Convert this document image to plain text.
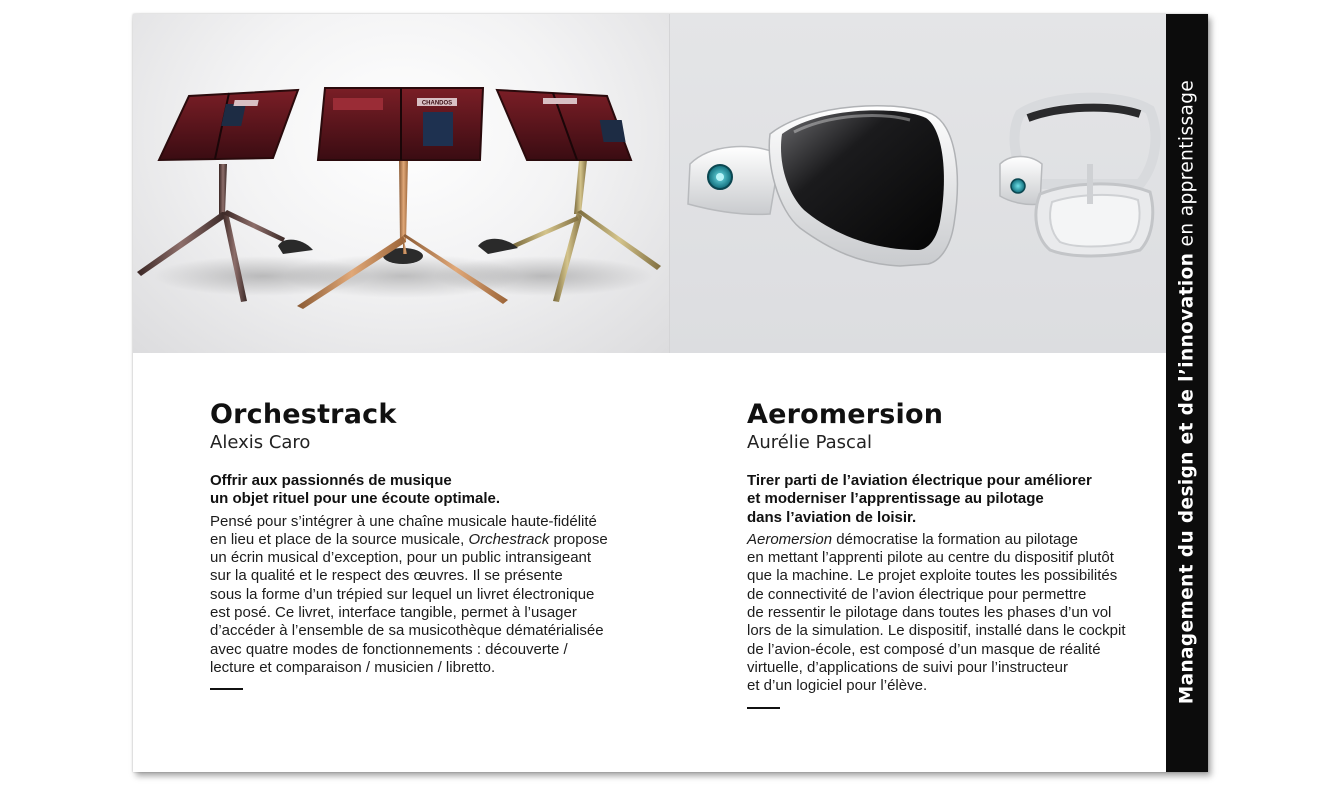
CHANDOS
Management du design et de l’innovation en apprentissage
Orchestrack

Alexis Caro

Offrir aux passionnés de musique
un objet rituel pour une écoute optimale.

Pensé pour s’intégrer à une chaîne musicale haute-fidélité
en lieu et place de la source musicale, Orchestrack propose
un écrin musical d’exception, pour un public intransigeant
sur la qualité et le respect des œuvres. Il se présente
sous la forme d’un trépied sur lequel un livret électronique
est posé. Ce livret, interface tangible, permet à l’usager
d’accéder à l’ensemble de sa musicothèque dématérialisée
avec quatre modes de fonctionnements : découverte /
lecture et comparaison / musicien / libretto.

Aeromersion

Aurélie Pascal

Tirer parti de l’aviation électrique pour améliorer
et moderniser l’apprentissage au pilotage
dans l’aviation de loisir.

Aeromersion démocratise la formation au pilotage
en mettant l’apprenti pilote au centre du dispositif plutôt
que la machine. Le projet exploite toutes les possibilités
de connectivité de l’avion électrique pour permettre
de ressentir le pilotage dans toutes les phases d’un vol
lors de la simulation. Le dispositif, installé dans le cockpit
de l’avion-école, est composé d’un masque de réalité
virtuelle, d’applications de suivi pour l’instructeur
et d’un logiciel pour l’élève.
